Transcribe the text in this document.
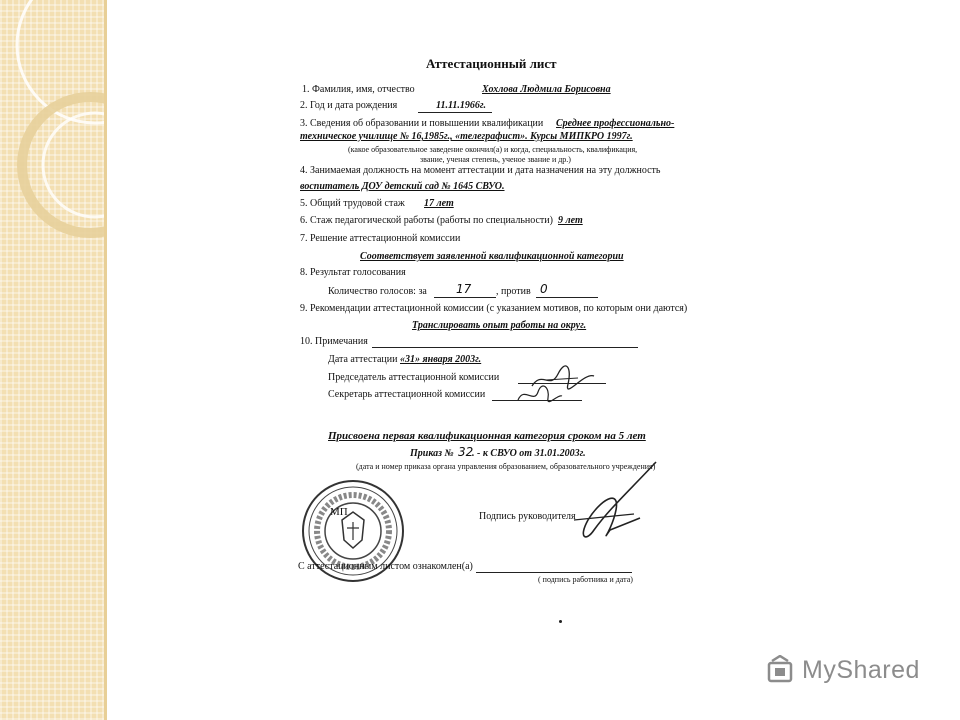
Аттестационный лист
1. Фамилия, имя, отчество	Хохлова Людмила Борисовна
2. Год и дата рождения	11.11.1966г.
3. Сведения об образовании и повышении квалификации Среднее профессионально-
техническое училище № 16,1985г., «телеграфист». Курсы МИПКРО 1997г.
(какое образовательное заведение окончил(а) и когда, специальность, квалификация,
звание, ученая степень, ученое звание и др.)
4. Занимаемая должность на момент аттестации и дата назначения на эту должность
воспитатель ДОУ детский сад № 1645 СВУО.
5. Общий трудовой стаж 17 лет
6. Стаж педагогической работы (работы по специальности) 9 лет
7. Решение аттестационной комиссии
Соответствует заявленной квалификационной категории
8. Результат голосования
Количество голосов: за 17 , против 0
9. Рекомендации аттестационной комиссии (с указанием мотивов, по которым они даются)
Транслировать опыт работы на округ.
10. Примечания
Дата аттестации «31» января 2003г.
Председатель аттестационной комиссии
Секретарь аттестационной комиссии
Присвоена первая квалификационная категория сроком на 5 лет
Приказ № 32
. - к СВУО от 31.01.2003г.
(дата и номер приказа органа управления образованием, образовательного учреждения)
МП	Подпись руководителя
С аттестационным листом ознакомлен(а)
( подпись работника и дата)
MyShared
